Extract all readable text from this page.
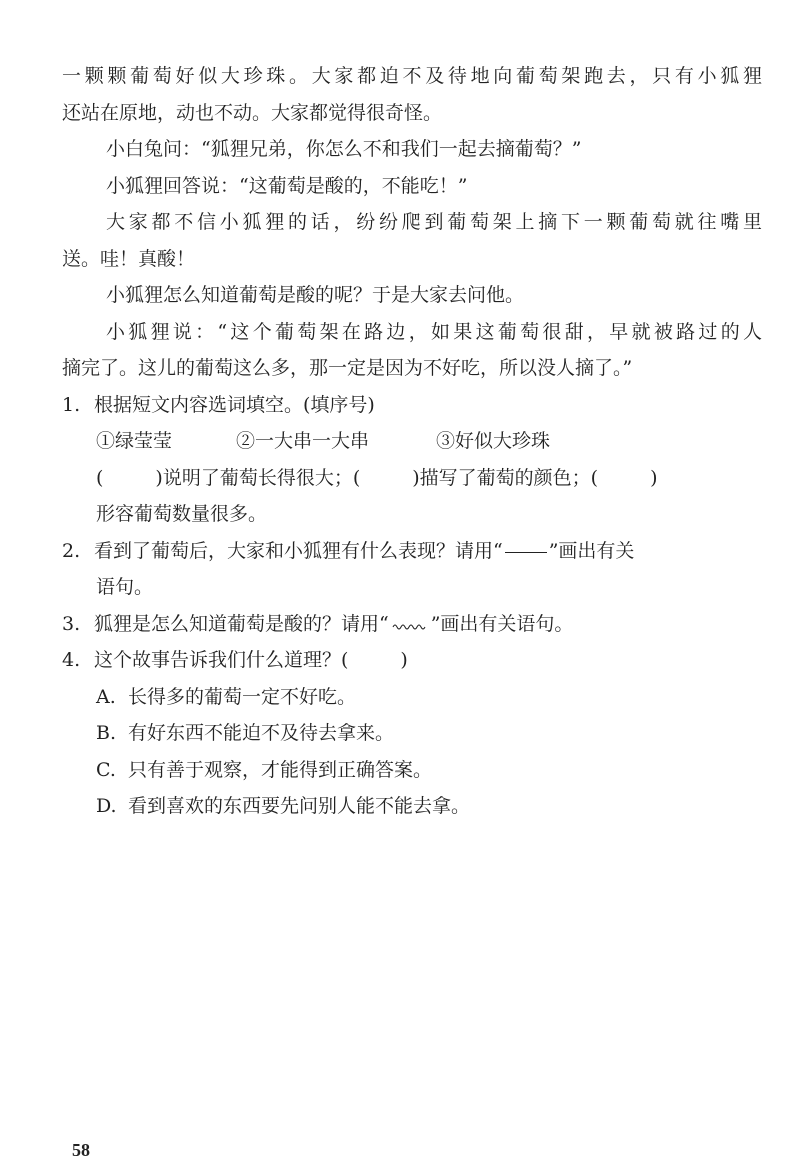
一颗颗葡萄好似大珍珠。大家都迫不及待地向葡萄架跑去，只有小狐狸
还站在原地，动也不动。大家都觉得很奇怪。
小白兔问：“狐狸兄弟，你怎么不和我们一起去摘葡萄？”
小狐狸回答说：“这葡萄是酸的，不能吃！”
大家都不信小狐狸的话，纷纷爬到葡萄架上摘下一颗葡萄就往嘴里
送。哇！真酸！
小狐狸怎么知道葡萄是酸的呢？于是大家去问他。
小狐狸说：“这个葡萄架在路边，如果这葡萄很甜，早就被路过的人
摘完了。这儿的葡萄这么多，那一定是因为不好吃，所以没人摘了。”
1. 根据短文内容选词填空。(填序号)
①绿莹莹	②一大串一大串	③好似大珍珠
(	)说明了葡萄长得很大；(	)描写了葡萄的颜色；(	)
形容葡萄数量很多。
2. 看到了葡萄后，大家和小狐狸有什么表现？请用“ ”画出有关
语句。
3. 狐狸是怎么知道葡萄是酸的？请用“ ”画出有关语句。
4. 这个故事告诉我们什么道理？(	)
A. 长得多的葡萄一定不好吃。
B. 有好东西不能迫不及待去拿来。
C. 只有善于观察，才能得到正确答案。
D. 看到喜欢的东西要先问别人能不能去拿。
58
